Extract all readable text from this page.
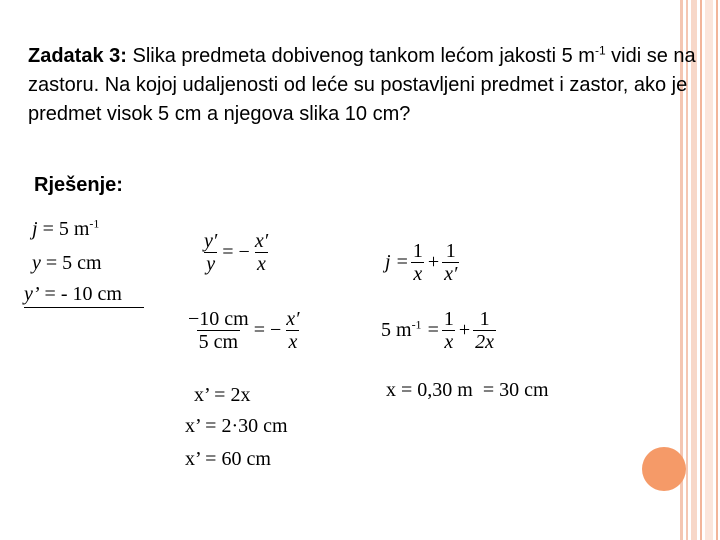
Zadatak 3: Slika predmeta dobivenog tankom lećom jakosti 5 $m^{-1}$ vidi se na zastoru. Na kojoj udaljenosti od leće su postavljeni predmet i zastor, ako je predmet visok 5 cm a njegova slika 10 cm?
Rješenje:
j = 5 $m^{-1}$
y = 5 cm
y’ = - 10 cm
$\frac{y'}{y}$ = − $\frac{x'}{x}$
$\frac{-10 cm}{5 cm}$ = − $\frac{x'}{x}$
$j = \frac{1}{x} + \frac{1}{x'}$
5 $m^{-1} = \frac{1}{x} + \frac{1}{2x}$
x = 0,30 m  = 30 cm
x’ = 2x
x’ = 2·30 cm
x’ = 60 cm
